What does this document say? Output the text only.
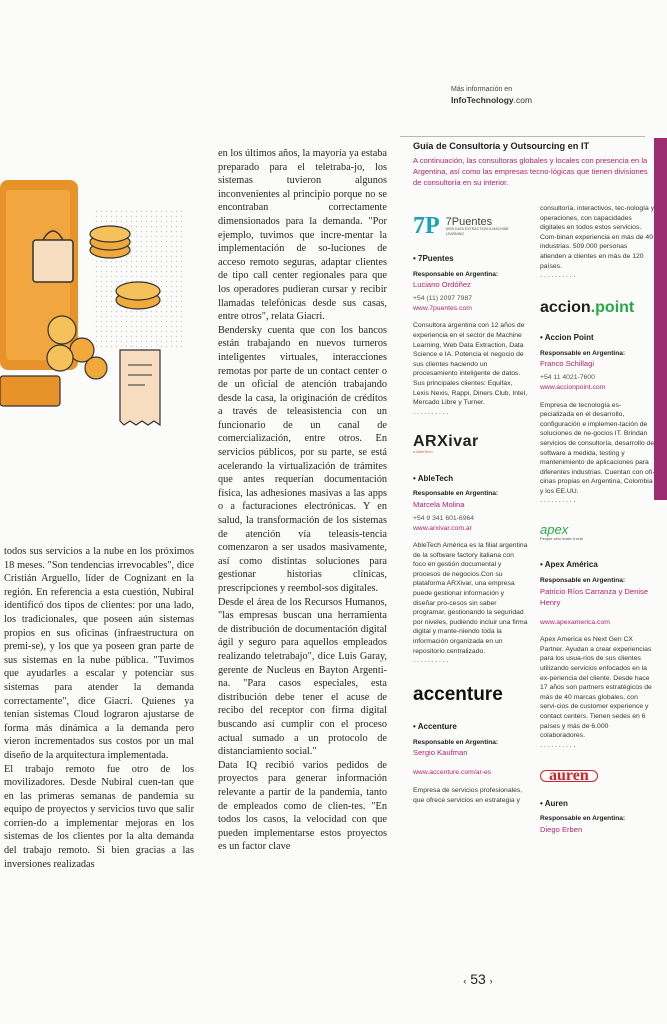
Más información en
InfoTechnology.com

todos sus servicios a la nube en los próximos 18 meses. "Son tendencias irrevocables", dice Cristián Arguello, líder de Cognizant en la región. En referencia a esta cuestión, Nubiral identificó dos tipos de clientes: por una lado, los tradicionales, que poseen aún sistemas propios en sus oficinas (infraestructura on premi-se), y los que ya poseen gran parte de sus sistemas en la nube pública. "Tuvimos que ayudarles a escalar y potenciar sus sistemas para atender la demanda correctamente", dice Giacri. Quienes ya tenían sistemas Cloud lograron ajustarse de forma más dinámica a la demanda pero vieron incrementados sus costos por un mal diseño de la arquitectura implementada.

El trabajo remoto fue otro de los movilizadores. Desde Nubiral cuen-tan que en las primeras semanas de pandemia su equipo de proyectos y servicios tuvo que salir corrien-do a implementar mejoras en los sistemas de los clientes por la alta demanda del trabajo remoto. Si bien gracias a las inversiones realizadas

en los últimos años, la mayoría ya estaba preparado para el teletraba-jo, los sistemas tuvieron algunos inconvenientes al principio porque no se encontraban correctamente dimensionados para la demanda. "Por ejemplo, tuvimos que incre-mentar la implementación de so-luciones de acceso remoto seguras, adaptar clientes de tipo call center regionales para que los operadores pudieran cursar y recibir llamadas telefónicas desde sus casas, entre otros", relata Giacri.

Bendersky cuenta que con los bancos están trabajando en nuevos turneros inteligentes virtuales, interacciones remotas por parte de un contact center o de un oficial de atención trabajando desde la casa, la originación de créditos a través de teleasistencia con un funcionario de un canal de comercialización, entre otros. En servicios públicos, por su parte, se está acelerando la virtualización de trámites que antes requerían documentación física, las adhesiones masivas a las apps o a facturaciones electrónicas. Y en salud, la transformación de los sistemas de atención vía teleasis-tencia comenzaron a ser usados masivamente, así como distintas soluciones para gestionar historias clínicas, prescripciones y reembol-sos digitales.

Desde el área de los Recursos Humanos, "las empresas buscan una herramienta de distribución de documentación digital ágil y seguro para aquellos empleados realizando teletrabajo", dice Luis Garay, gerente de Nucleus en Bayton Argenti-na. "Para casos especiales, esta distribución debe tener el acuse de recibo del receptor con firma digital buscando así cumplir con el proceso actual sumado a un protocolo de distanciamiento social."

Data IQ recibió varios pedidos de proyectos para generar información relevante a partir de la pandemia, tanto de empleados como de clien-tes. "En todos los casos, la velocidad con que pueden implementarse estos proyectos es un factor clave

Guía de Consultoría y Outsourcing en IT
A continuación, las consultoras globales y locales con presencia en la Argentina, así como las empresas tecno-lógicas que tienen divisiones de consultoría en su interior.
7P 7Puentes
WEB DATA EXTRACTION & MACHINE LEARNING
• 7Puentes
Responsable en Argentina:
Luciano Ordóñez
+54 (11) 2097 7987
www.7puentes.com
Consultora argentina con 12 años de experiencia en el sector de Machine Learning, Web Data Extraction, Data Science e IA. Potencia el negocio de sus clientes haciendo un procesamiento inteligente de datos. Sus principales clientes: Equifax, Lexis Nexis, Rappi, Diners Club, Intel, Mercado Libre y Turner.
··········
ARXivar
a AbleTech
• AbleTech
Responsable en Argentina:
Marcela Molina
+54 9 341 601-6964
www.arxivar.com.ar
AbleTech América es la filial argentina de la software factory italiana con foco en gestión documental y procesos de negocios.Con su plataforma ARXivar, una empresa puede gestionar información y diseñar pro-cesos sin saber programar, gestionando la seguridad por niveles, pudiendo incluir una firma digital y mante-niendo toda la información organizada en un repositorio centralizado.
··········
accenture
• Accenture
Responsable en Argentina:
Sergio Kaufman
www.accenture.com/ar-es
Empresa de servicios profesionales, que ofrece servicios en estrategia y
consultoría, interactivos, tec-nología y operaciones, con capacidades digitales en todos estos servicios. Com-binan experiencia en más de 40 industrias. 509.000 personas atienden a clientes en más de 120 países.
··········
accion . point
• Accion Point
Responsable en Argentina:
Franco Schillagi
+54 11 4021-7600
www.accionpoint.com
Empresa de tecnología es-pecializada en el desarrollo, configuración e implemen-tación de soluciones de ne-gocios IT. Brindan servicios de consultoría, desarrollo de software a medida, testing y mantenimiento de aplicaciones para diferentes industrias. Cuentan con ofi-cinas propias en Argentina, Colombia y los EE.UU.
··········
apex
People who make it real
• Apex América
Responsable en Argentina:
Patricio Ríos Carranza y Denise Henry
www.apexamerica.com
Apex America es Next Gen CX Partner. Ayudan a crear experiencias para los usua-rios de sus clientes utilizando servicios enfocados en la ex-periencia del cliente. Desde hace 17 años son partners estratégicos de más de 40 marcas globales, con servi-cios de customer experience y contact centers. Tienen sedes en 6 países y más de 6.000 colaboradores.
··········
auren
• Auren
Responsable en Argentina:
Diego Erben
‹ 53 ›
